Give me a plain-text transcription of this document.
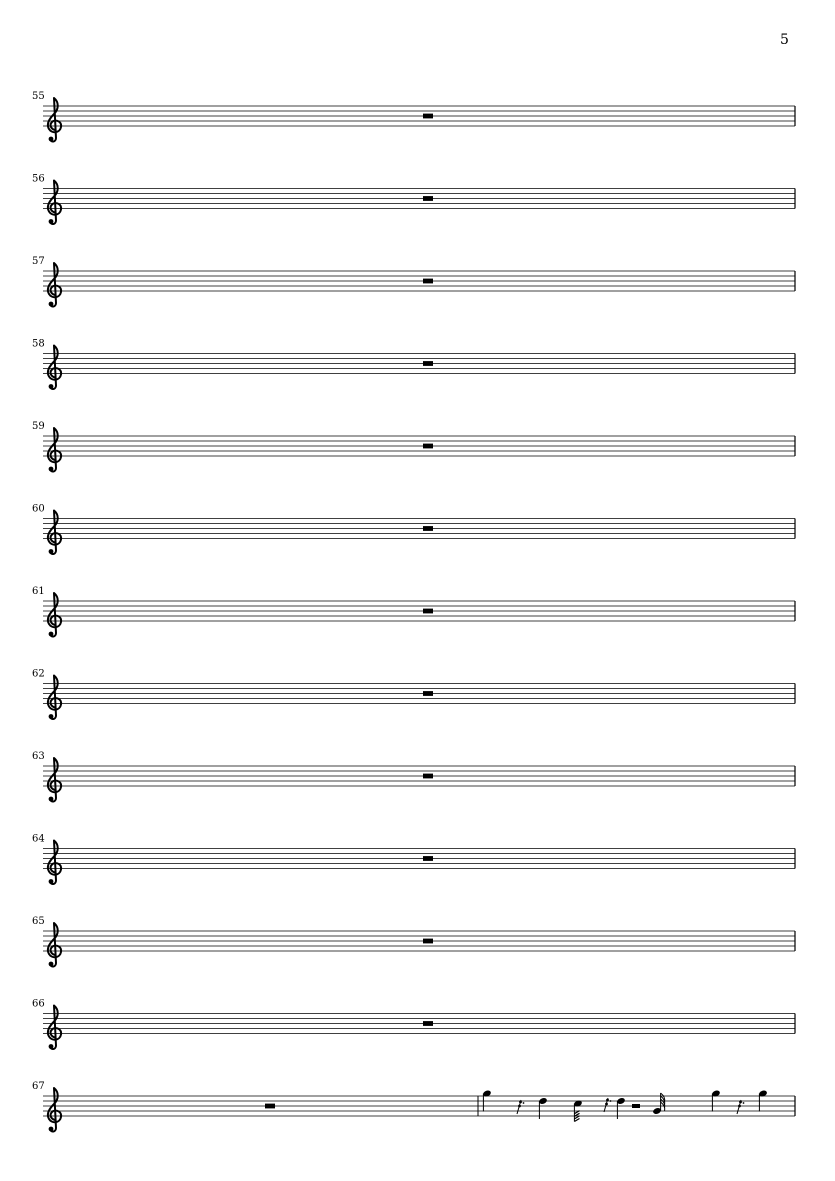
5
55
56
57
58
59
60
61
62
63
64
65
66
67
